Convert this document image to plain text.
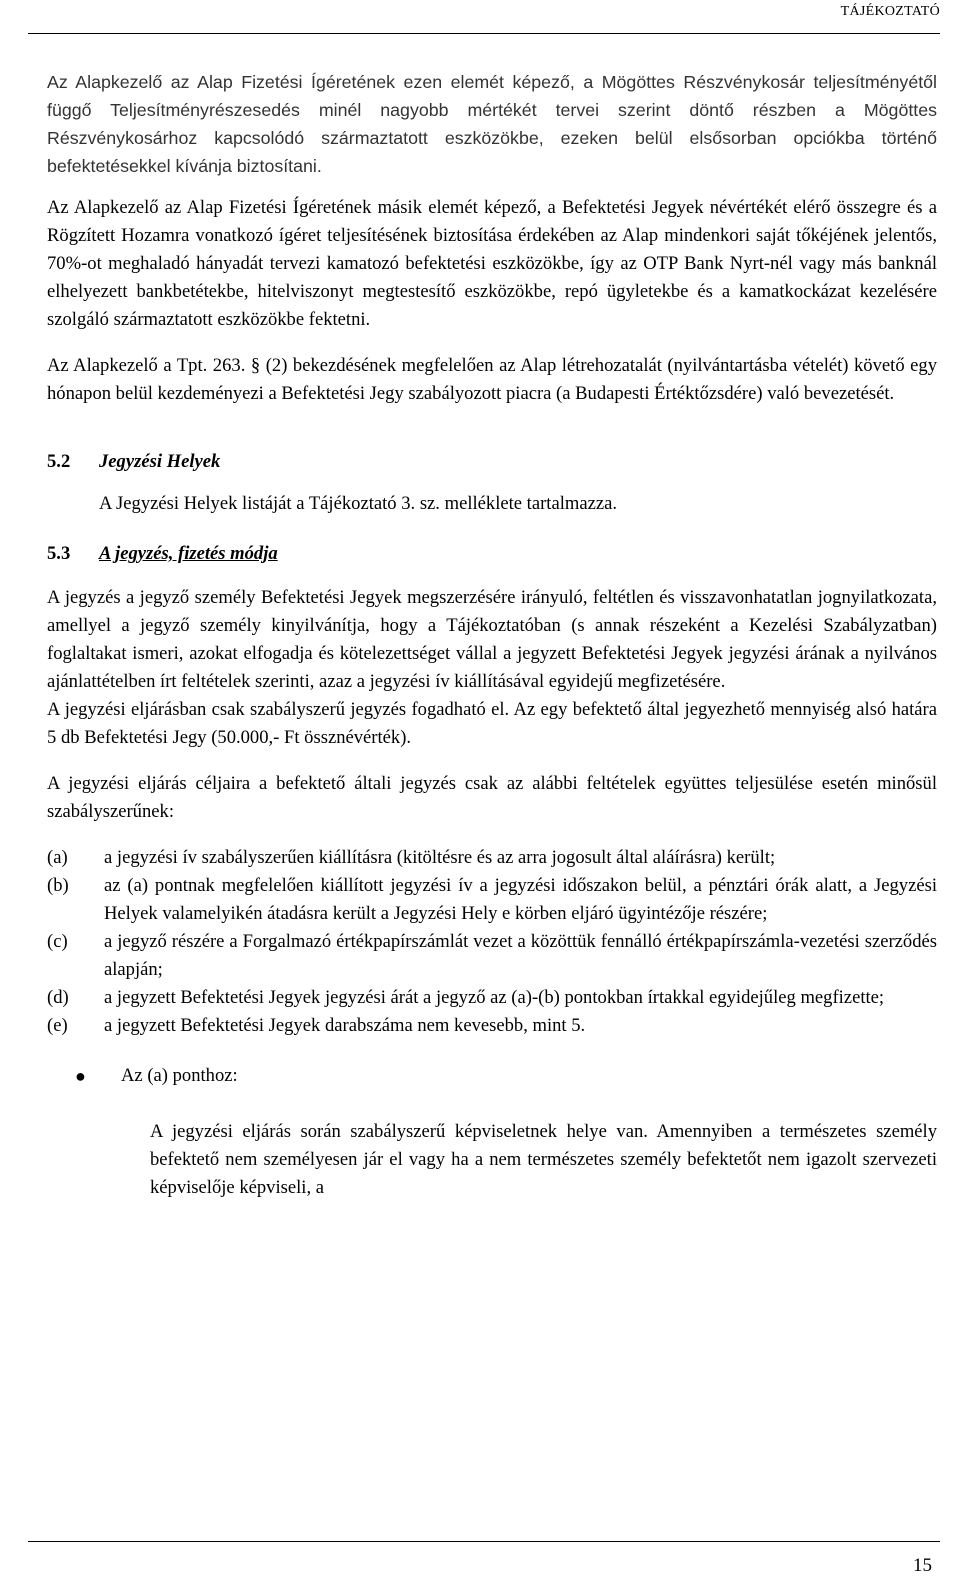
TÁJÉKOZTATÓ

Az Alapkezelő az Alap Fizetési Ígéretének ezen elemét képező, a Mögöttes Részvénykosár teljesítményétől függő Teljesítményrészesedés minél nagyobb mértékét tervei szerint döntő részben a Mögöttes Részvénykosárhoz kapcsolódó származtatott eszközökbe, ezeken belül elsősorban opciókba történő befektetésekkel kívánja biztosítani.

Az Alapkezelő az Alap Fizetési Ígéretének másik elemét képező, a Befektetési Jegyek névértékét elérő összegre és a Rögzített Hozamra vonatkozó ígéret teljesítésének biztosítása érdekében az Alap mindenkori saját tőkéjének jelentős, 70%-ot meghaladó hányadát tervezi kamatozó befektetési eszközökbe, így az OTP Bank Nyrt-nél vagy más banknál elhelyezett bankbetétekbe, hitelviszonyt megtestesítő eszközökbe, repó ügyletekbe és a kamatkockázat kezelésére szolgáló származtatott eszközökbe fektetni.

Az Alapkezelő a Tpt. 263. § (2) bekezdésének megfelelően az Alap létrehozatalát (nyilvántartásba vételét) követő egy hónapon belül kezdeményezi a Befektetési Jegy szabályozott piacra (a Budapesti Értéktőzsdére) való bevezetését.

5.2	Jegyzési Helyek

A Jegyzési Helyek listáját a Tájékoztató 3. sz. melléklete tartalmazza.

5.3	A jegyzés, fizetés módja

A jegyzés a jegyző személy Befektetési Jegyek megszerzésére irányuló, feltétlen és visszavonhatatlan jognyilatkozata, amellyel a jegyző személy kinyilvánítja, hogy a Tájékoztatóban (s annak részeként a Kezelési Szabályzatban) foglaltakat ismeri, azokat elfogadja és kötelezettséget vállal a jegyzett Befektetési Jegyek jegyzési árának a nyilvános ajánlattételben írt feltételek szerinti, azaz a jegyzési ív kiállításával egyidejű megfizetésére.

A jegyzési eljárásban csak szabályszerű jegyzés fogadható el. Az egy befektető által jegyezhető mennyiség alsó határa 5 db Befektetési Jegy (50.000,- Ft össznévérték).

A jegyzési eljárás céljaira a befektető általi jegyzés csak az alábbi feltételek együttes teljesülése esetén minősül szabályszerűnek:

(a)	a jegyzési ív szabályszerűen kiállításra (kitöltésre és az arra jogosult által aláírásra) került;
(b)	az (a) pontnak megfelelően kiállított jegyzési ív a jegyzési időszakon belül, a pénztári órák alatt, a Jegyzési Helyek valamelyikén átadásra került a Jegyzési Hely e körben eljáró ügyintézője részére;
(c)	a jegyző részére a Forgalmazó értékpapírszámlát vezet a közöttük fennálló értékpapírszámla-vezetési szerződés alapján;
(d)	a jegyzett Befektetési Jegyek jegyzési árát a jegyző az (a)-(b) pontokban írtakkal egyidejűleg megfizette;
(e)	a jegyzett Befektetési Jegyek darabszáma nem kevesebb, mint 5.
●	Az (a) ponthoz:

A jegyzési eljárás során szabályszerű képviseletnek helye van. Amennyiben a természetes személy befektető nem személyesen jár el vagy ha a nem természetes személy befektetőt nem igazolt szervezeti képviselője képviseli, a

15
